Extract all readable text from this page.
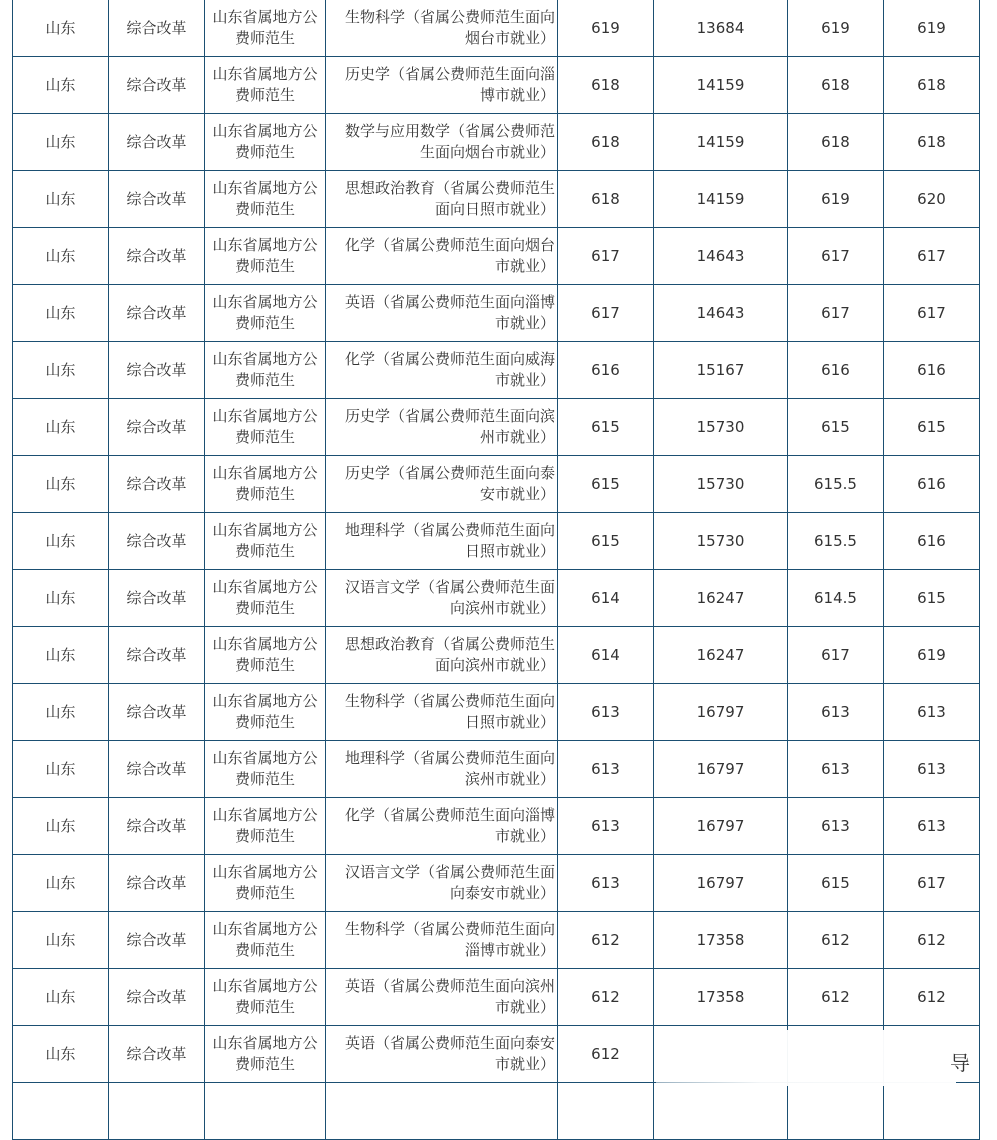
山东	综合改革	山东省属地方公费师范生	生物科学（省属公费师范生面向烟台市就业）	619	13684	619	619
山东	综合改革	山东省属地方公费师范生	历史学（省属公费师范生面向淄博市就业）	618	14159	618	618
山东	综合改革	山东省属地方公费师范生	数学与应用数学（省属公费师范生面向烟台市就业）	618	14159	618	618
山东	综合改革	山东省属地方公费师范生	思想政治教育（省属公费师范生面向日照市就业）	618	14159	619	620
山东	综合改革	山东省属地方公费师范生	化学（省属公费师范生面向烟台市就业）	617	14643	617	617
山东	综合改革	山东省属地方公费师范生	英语（省属公费师范生面向淄博市就业）	617	14643	617	617
山东	综合改革	山东省属地方公费师范生	化学（省属公费师范生面向威海市就业）	616	15167	616	616
山东	综合改革	山东省属地方公费师范生	历史学（省属公费师范生面向滨州市就业）	615	15730	615	615
山东	综合改革	山东省属地方公费师范生	历史学（省属公费师范生面向泰安市就业）	615	15730	615.5	616
山东	综合改革	山东省属地方公费师范生	地理科学（省属公费师范生面向日照市就业）	615	15730	615.5	616
山东	综合改革	山东省属地方公费师范生	汉语言文学（省属公费师范生面向滨州市就业）	614	16247	614.5	615
山东	综合改革	山东省属地方公费师范生	思想政治教育（省属公费师范生面向滨州市就业）	614	16247	617	619
山东	综合改革	山东省属地方公费师范生	生物科学（省属公费师范生面向日照市就业）	613	16797	613	613
山东	综合改革	山东省属地方公费师范生	地理科学（省属公费师范生面向滨州市就业）	613	16797	613	613
山东	综合改革	山东省属地方公费师范生	化学（省属公费师范生面向淄博市就业）	613	16797	613	613
山东	综合改革	山东省属地方公费师范生	汉语言文学（省属公费师范生面向泰安市就业）	613	16797	615	617
山东	综合改革	山东省属地方公费师范生	生物科学（省属公费师范生面向淄博市就业）	612	17358	612	612
山东	综合改革	山东省属地方公费师范生	英语（省属公费师范生面向滨州市就业）	612	17358	612	612
山东	综合改革	山东省属地方公费师范生	英语（省属公费师范生面向泰安市就业）	612			
								导
